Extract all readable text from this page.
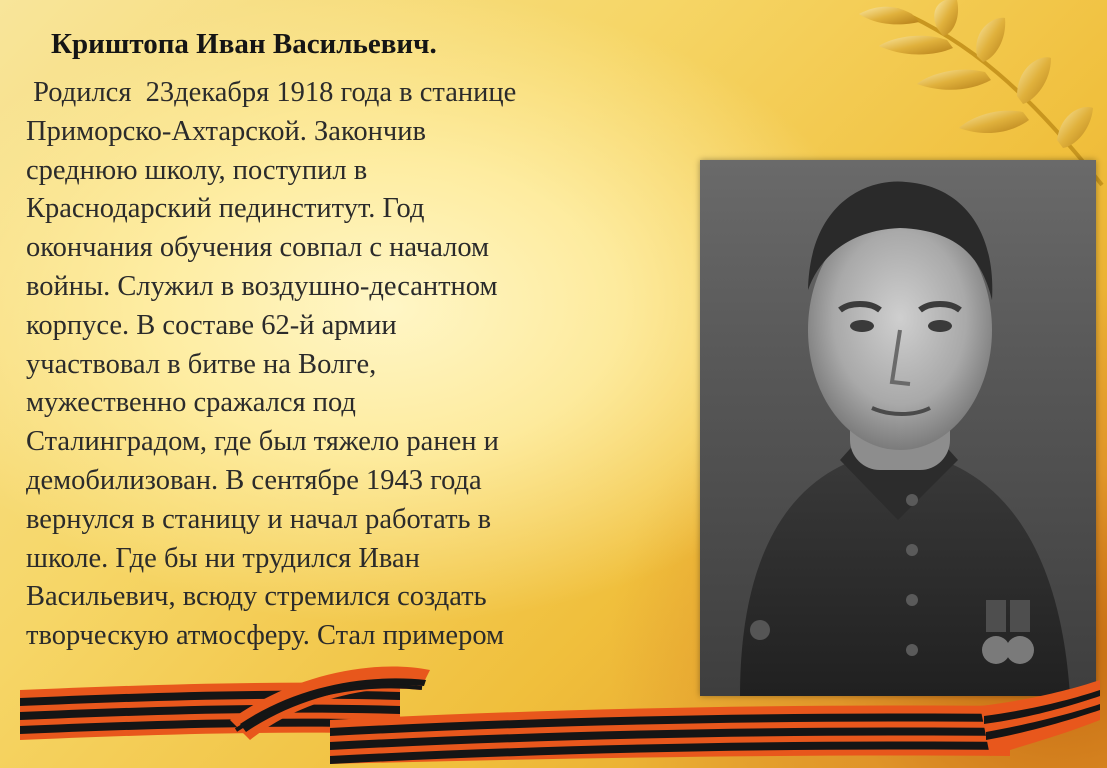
Криштопа Иван Васильевич.
Родился  23декабря 1918 года в станице
Приморско-Ахтарской. Закончив
среднюю школу, поступил в
Краснодарский пединститут. Год
окончания обучения совпал с началом
войны. Служил в воздушно-десантном
корпусе. В составе 62-й армии
участвовал в битве на Волге,
мужественно сражался под
Сталинградом, где был тяжело ранен и
демобилизован. В сентябре 1943 года
вернулся в станицу и начал работать в
школе. Где бы ни трудился Иван
Васильевич, всюду стремился создать
творческую атмосферу. Стал примером
